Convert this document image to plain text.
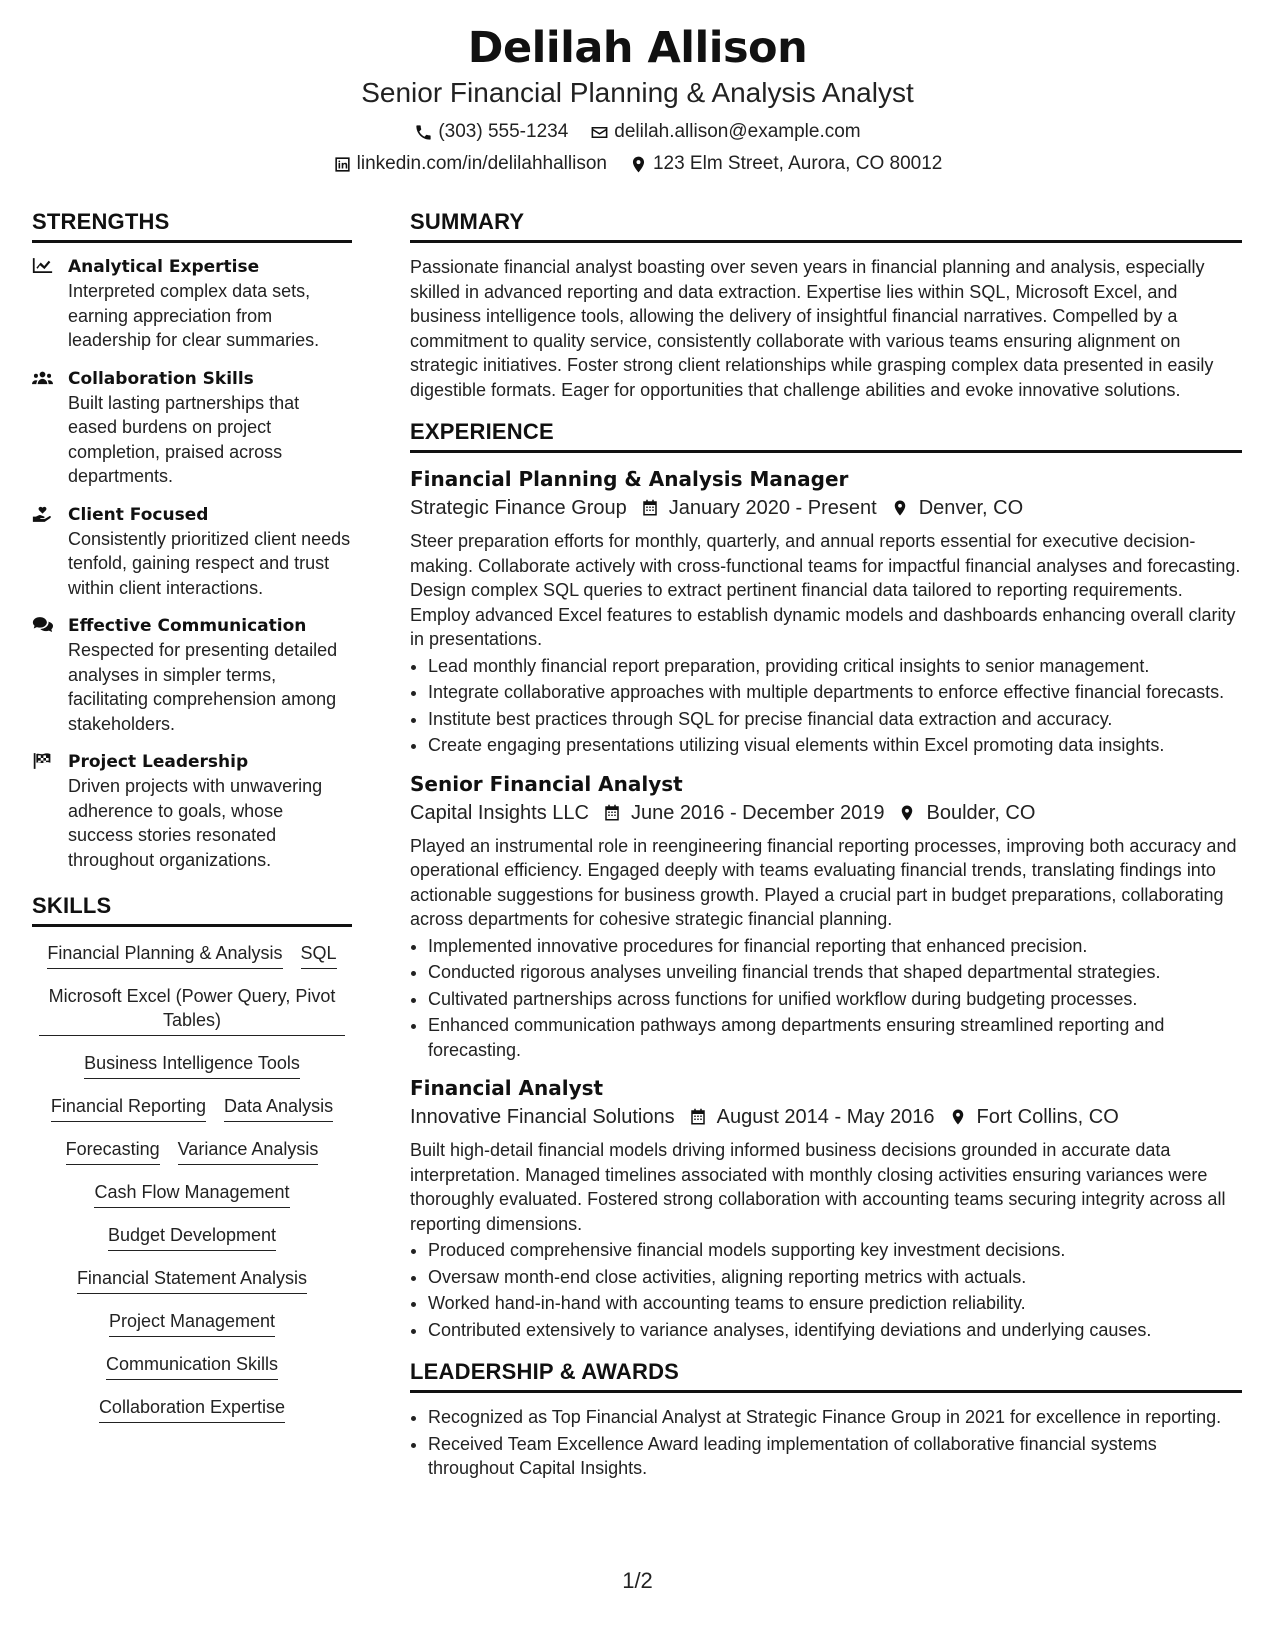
Delilah Allison
Senior Financial Planning & Analysis Analyst
(303) 555-1234 delilah.allison@example.com
linkedin.com/in/delilahhallison 123 Elm Street, Aurora, CO 80012
STRENGTHS
Analytical Expertise
Interpreted complex data sets, earning appreciation from leadership for clear summaries.
Collaboration Skills
Built lasting partnerships that eased burdens on project completion, praised across departments.
Client Focused
Consistently prioritized client needs tenfold, gaining respect and trust within client interactions.
Effective Communication
Respected for presenting detailed analyses in simpler terms, facilitating comprehension among stakeholders.
Project Leadership
Driven projects with unwavering adherence to goals, whose success stories resonated throughout organizations.
SKILLS
Financial Planning & Analysis SQL
Microsoft Excel (Power Query, Pivot Tables)
Business Intelligence Tools
Financial Reporting Data Analysis
Forecasting Variance Analysis
Cash Flow Management
Budget Development
Financial Statement Analysis
Project Management
Communication Skills
Collaboration Expertise
SUMMARY
Passionate financial analyst boasting over seven years in financial planning and analysis, especially skilled in advanced reporting and data extraction. Expertise lies within SQL, Microsoft Excel, and business intelligence tools, allowing the delivery of insightful financial narratives. Compelled by a commitment to quality service, consistently collaborate with various teams ensuring alignment on strategic initiatives. Foster strong client relationships while grasping complex data presented in easily digestible formats. Eager for opportunities that challenge abilities and evoke innovative solutions.
EXPERIENCE
Financial Planning & Analysis Manager
Strategic Finance Group January 2020 - Present Denver, CO
Steer preparation efforts for monthly, quarterly, and annual reports essential for executive decision-making. Collaborate actively with cross-functional teams for impactful financial analyses and forecasting. Design complex SQL queries to extract pertinent financial data tailored to reporting requirements. Employ advanced Excel features to establish dynamic models and dashboards enhancing overall clarity in presentations.
• Lead monthly financial report preparation, providing critical insights to senior management.
• Integrate collaborative approaches with multiple departments to enforce effective financial forecasts.
• Institute best practices through SQL for precise financial data extraction and accuracy.
• Create engaging presentations utilizing visual elements within Excel promoting data insights.
Senior Financial Analyst
Capital Insights LLC June 2016 - December 2019 Boulder, CO
Played an instrumental role in reengineering financial reporting processes, improving both accuracy and operational efficiency. Engaged deeply with teams evaluating financial trends, translating findings into actionable suggestions for business growth. Played a crucial part in budget preparations, collaborating across departments for cohesive strategic financial planning.
• Implemented innovative procedures for financial reporting that enhanced precision.
• Conducted rigorous analyses unveiling financial trends that shaped departmental strategies.
• Cultivated partnerships across functions for unified workflow during budgeting processes.
• Enhanced communication pathways among departments ensuring streamlined reporting and forecasting.
Financial Analyst
Innovative Financial Solutions August 2014 - May 2016 Fort Collins, CO
Built high-detail financial models driving informed business decisions grounded in accurate data interpretation. Managed timelines associated with monthly closing activities ensuring variances were thoroughly evaluated. Fostered strong collaboration with accounting teams securing integrity across all reporting dimensions.
• Produced comprehensive financial models supporting key investment decisions.
• Oversaw month-end close activities, aligning reporting metrics with actuals.
• Worked hand-in-hand with accounting teams to ensure prediction reliability.
• Contributed extensively to variance analyses, identifying deviations and underlying causes.
LEADERSHIP & AWARDS
• Recognized as Top Financial Analyst at Strategic Finance Group in 2021 for excellence in reporting.
• Received Team Excellence Award leading implementation of collaborative financial systems throughout Capital Insights.
1/2
